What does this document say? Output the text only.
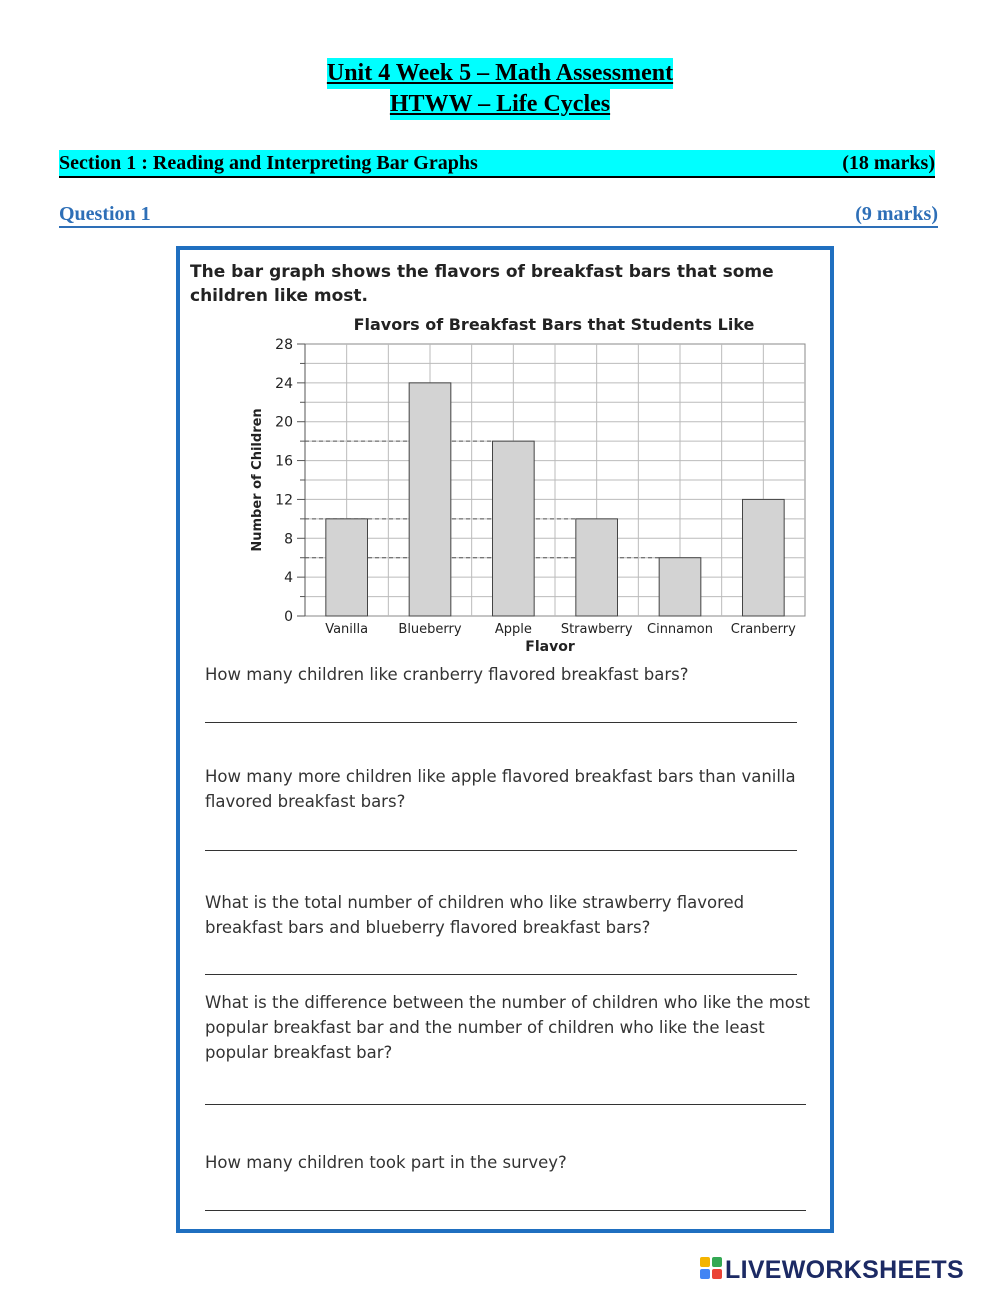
Unit 4 Week 5 – Math Assessment
HTWW – Life Cycles
Section 1 : Reading and Interpreting Bar Graphs	(18 marks)
Question 1	(9 marks)
The bar graph shows the flavors of breakfast bars that some children like most.
Vanilla Blueberry	Apple Strawberry Cinnamon Cranberry
0
4
8
12
16
20
24
28
Flavors of Breakfast Bars that Students Like
Flavor
Number of Children
How many children like cranberry flavored breakfast bars?
How many more children like apple flavored breakfast bars than vanilla flavored breakfast bars?
What is the total number of children who like strawberry flavored breakfast bars and blueberry flavored breakfast bars?
What is the difference between the number of children who like the most popular breakfast bar and the number of children who like the least popular breakfast bar?
How many children took part in the survey?
LIVEWORKSHEETS
